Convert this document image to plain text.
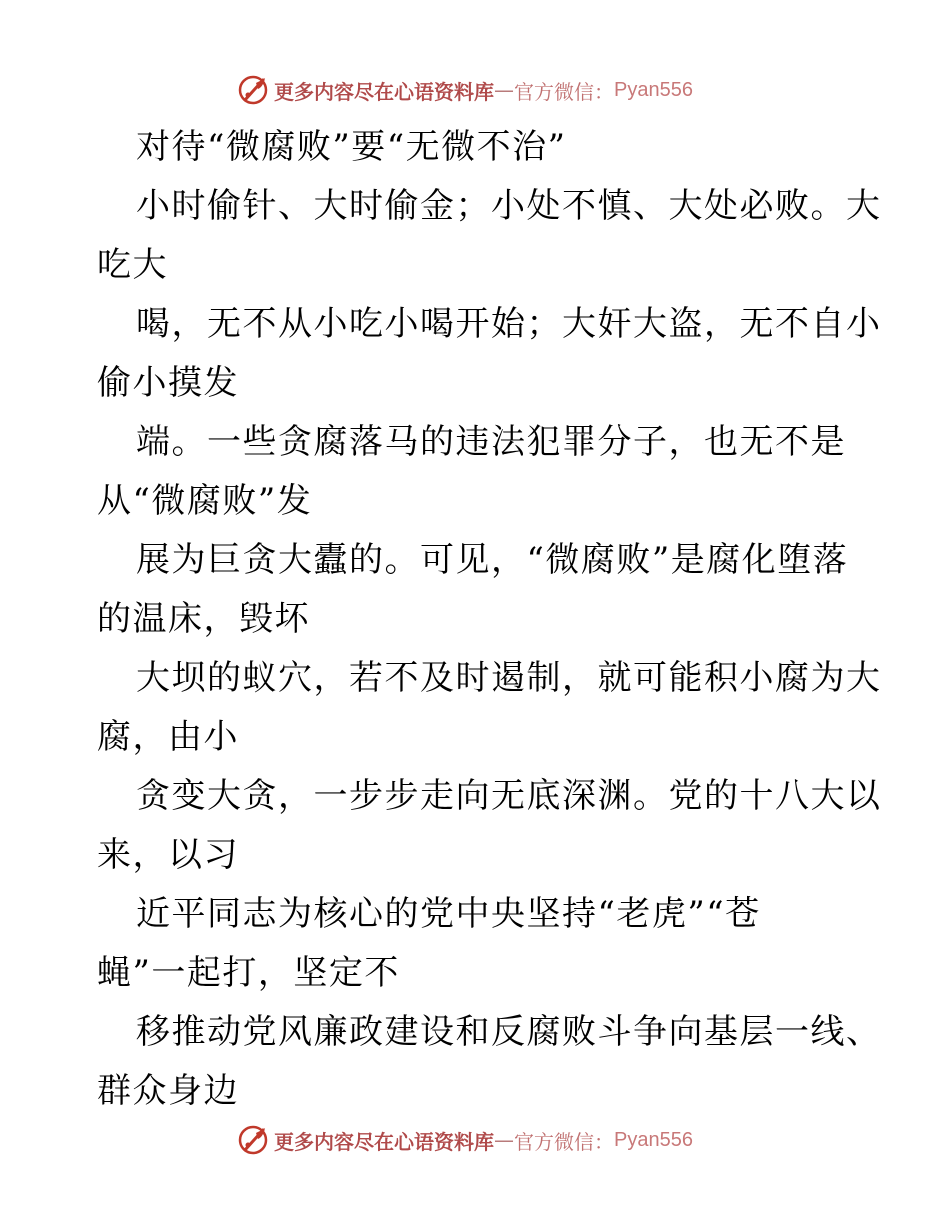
更多内容尽在心语资料库 — 官方微信： Pyan556
对待“微腐败”要“无微不治”
小时偷针、大时偷金；小处不慎、大处必败。大
吃大
喝，无不从小吃小喝开始；大奸大盗，无不自小
偷小摸发
端。一些贪腐落马的违法犯罪分子，也无不是
从“微腐败”发
展为巨贪大蠹的。可见，“微腐败”是腐化堕落
的温床，毁坏
大坝的蚁穴，若不及时遏制，就可能积小腐为大
腐，由小
贪变大贪，一步步走向无底深渊。党的十八大以
来，以习
近平同志为核心的党中央坚持“老虎”“苍
蝇”一起打，坚定不
移推动党风廉政建设和反腐败斗争向基层一线、
群众身边
更多内容尽在心语资料库 — 官方微信： Pyan556
